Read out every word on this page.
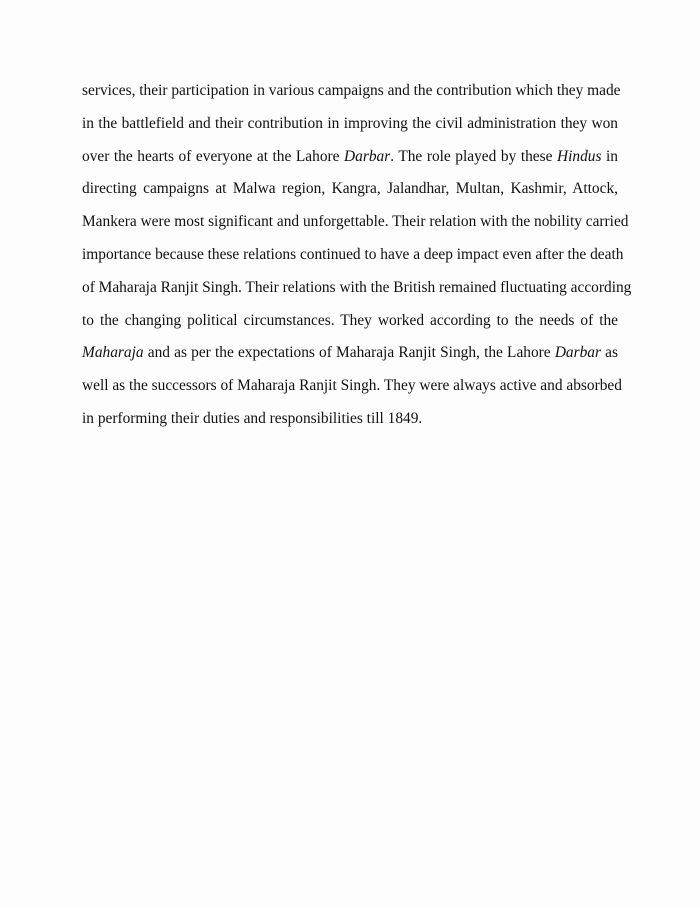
services, their participation in various campaigns and the contribution which they made
in the battlefield and their contribution in improving the civil administration they won
over the hearts of everyone at the Lahore Darbar. The role played by these Hindus in
directing campaigns at Malwa region, Kangra, Jalandhar, Multan, Kashmir, Attock,
Mankera were most significant and unforgettable. Their relation with the nobility carried
importance because these relations continued to have a deep impact even after the death
of Maharaja Ranjit Singh. Their relations with the British remained fluctuating according
to the changing political circumstances. They worked according to the needs of the
Maharaja and as per the expectations of Maharaja Ranjit Singh, the Lahore Darbar as
well as the successors of Maharaja Ranjit Singh. They were always active and absorbed
in performing their duties and responsibilities till 1849.
